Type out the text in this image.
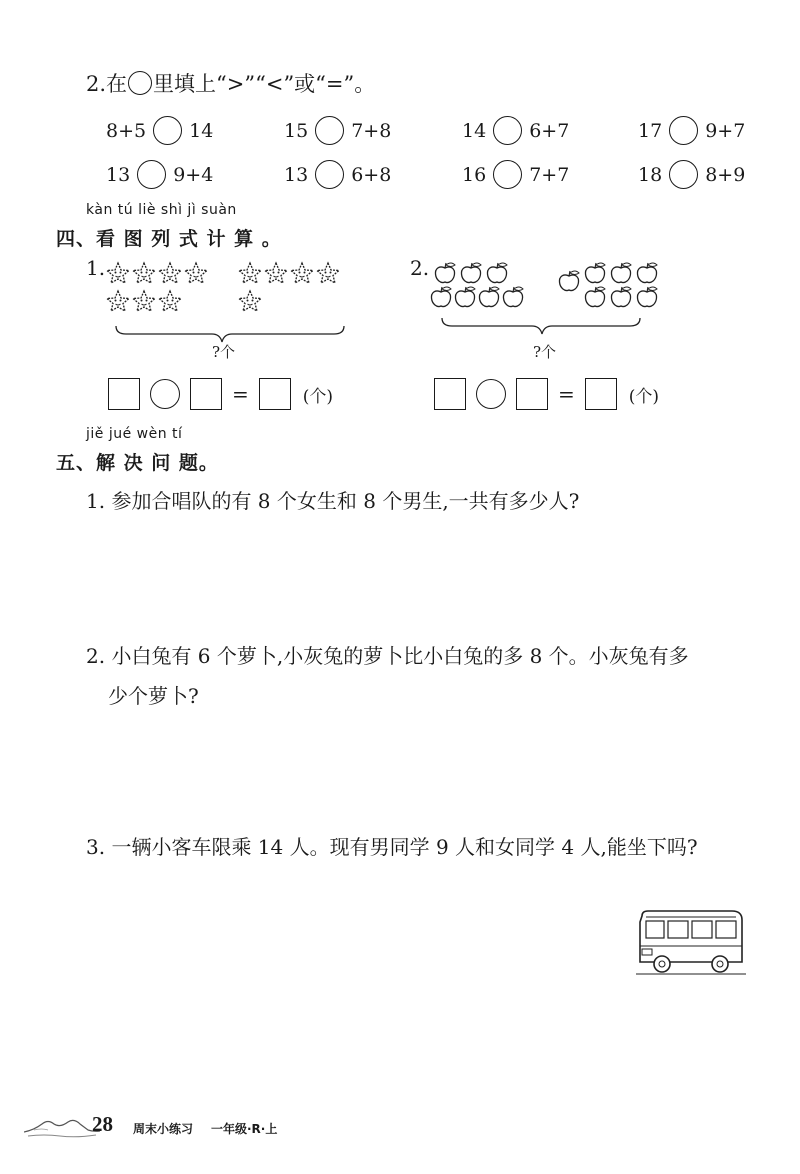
2.在 里填上“>”“<”或“=”。
8+5 14	15 7+8	14 6+7	17 9+7
13 9+4	13 6+8	16 7+7	18 8+9
kàn tú liè shì jì suàn
四、看 图 列 式 计 算 。
1.
?个
=	(个)
2.
?个
=	(个)
jiě jué wèn tí
五、解 决 问 题。
1. 参加合唱队的有 8 个女生和 8 个男生,一共有多少人?
2. 小白兔有 6 个萝卜,小灰兔的萝卜比小白兔的多 8 个。小灰兔有多
少个萝卜?
3. 一辆小客车限乘 14 人。现有男同学 9 人和女同学 4 人,能坐下吗?
28 周末小练习 一年级·R·上
